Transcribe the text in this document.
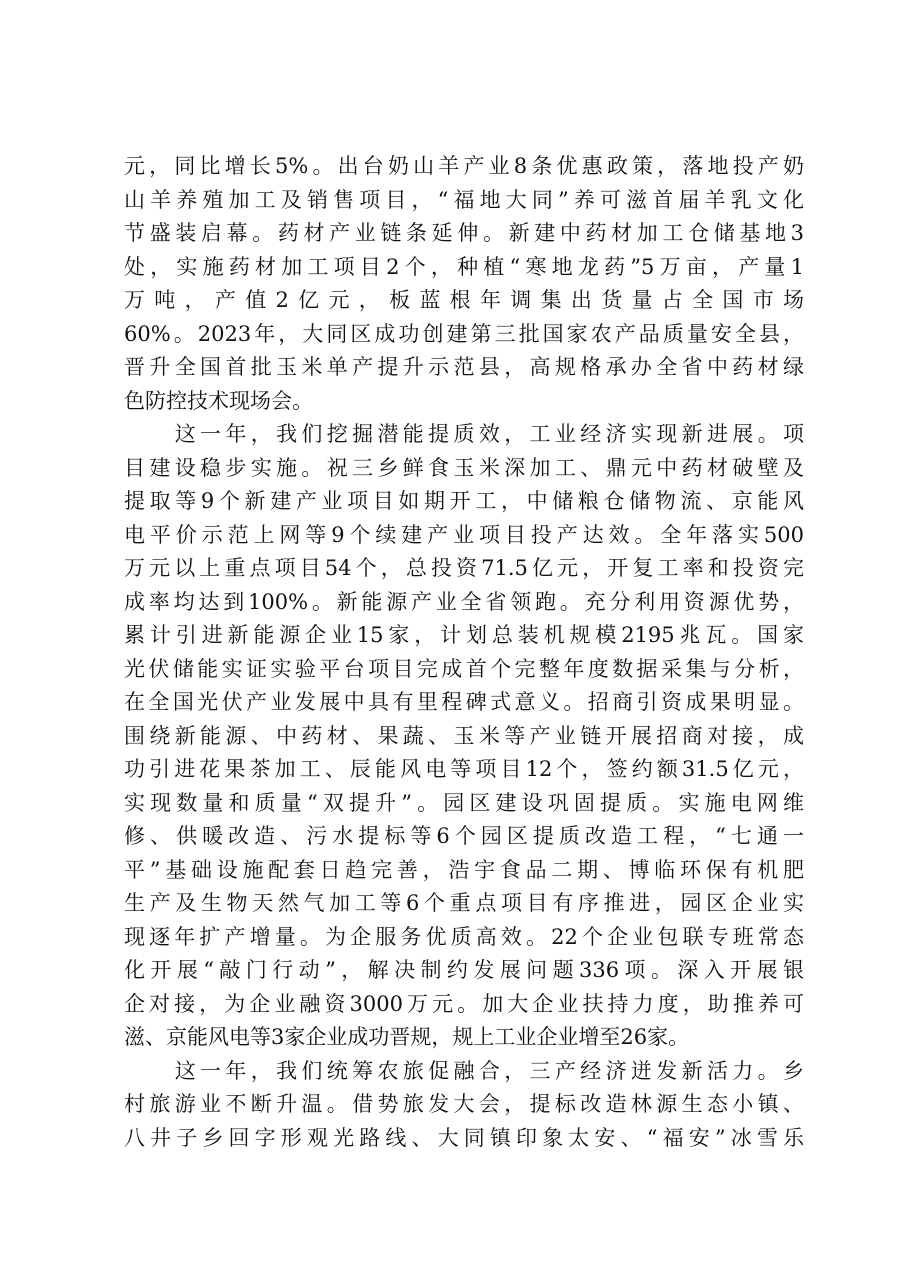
元，同比增长5%。出台奶山羊产业8条优惠政策，落地投产奶
山羊养殖加工及销售项目，“福地大同”养可滋首届羊乳文化
节盛装启幕。药材产业链条延伸。新建中药材加工仓储基地3
处，实施药材加工项目2个，种植“寒地龙药”5万亩，产量1
万吨，产值2亿元，板蓝根年调集出货量占全国市场
60%。2023年，大同区成功创建第三批国家农产品质量安全县，
晋升全国首批玉米单产提升示范县，高规格承办全省中药材绿
色防控技术现场会。
　　这一年，我们挖掘潜能提质效，工业经济实现新进展。项
目建设稳步实施。祝三乡鲜食玉米深加工、鼎元中药材破壁及
提取等9个新建产业项目如期开工，中储粮仓储物流、京能风
电平价示范上网等9个续建产业项目投产达效。全年落实500
万元以上重点项目54个，总投资71.5亿元，开复工率和投资完
成率均达到100%。新能源产业全省领跑。充分利用资源优势，
累计引进新能源企业15家，计划总装机规模2195兆瓦。国家
光伏储能实证实验平台项目完成首个完整年度数据采集与分析，
在全国光伏产业发展中具有里程碑式意义。招商引资成果明显。
围绕新能源、中药材、果蔬、玉米等产业链开展招商对接，成
功引进花果茶加工、辰能风电等项目12个，签约额31.5亿元，
实现数量和质量“双提升”。园区建设巩固提质。实施电网维
修、供暖改造、污水提标等6个园区提质改造工程，“七通一
平”基础设施配套日趋完善，浩宇食品二期、博临环保有机肥
生产及生物天然气加工等6个重点项目有序推进，园区企业实
现逐年扩产增量。为企服务优质高效。22个企业包联专班常态
化开展“敲门行动”，解决制约发展问题336项。深入开展银
企对接，为企业融资3000万元。加大企业扶持力度，助推养可
滋、京能风电等3家企业成功晋规，规上工业企业增至26家。
　　这一年，我们统筹农旅促融合，三产经济迸发新活力。乡
村旅游业不断升温。借势旅发大会，提标改造林源生态小镇、
八井子乡回字形观光路线、大同镇印象太安、“福安”冰雪乐
